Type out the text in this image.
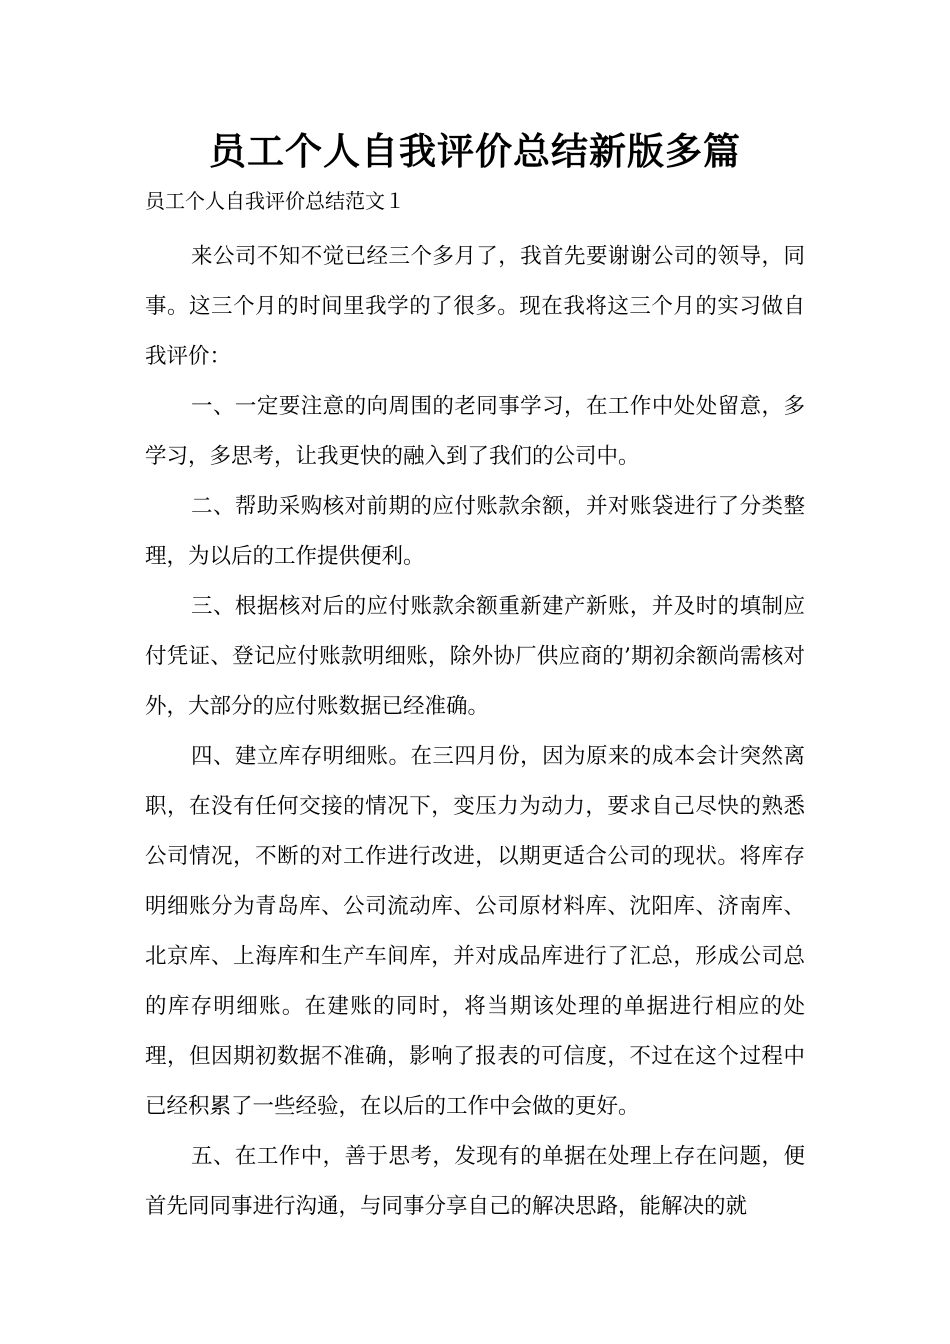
员工个人自我评价总结新版多篇

员工个人自我评价总结范文１

来公司不知不觉已经三个多月了，我首先要谢谢公司的领导，同事。这三个月的时间里我学的了很多。现在我将这三个月的实习做自我评价：

一、一定要注意的向周围的老同事学习，在工作中处处留意，多学习，多思考，让我更快的融入到了我们的公司中。

二、帮助采购核对前期的应付账款余额，并对账袋进行了分类整理，为以后的工作提供便利。

三、根据核对后的应付账款余额重新建产新账，并及时的填制应付凭证、登记应付账款明细账，除外协厂供应商的’期初余额尚需核对外，大部分的应付账数据已经准确。

四、建立库存明细账。在三四月份，因为原来的成本会计突然离职，在没有任何交接的情况下，变压力为动力，要求自己尽快的熟悉公司情况，不断的对工作进行改进，以期更适合公司的现状。将库存明细账分为青岛库、公司流动库、公司原材料库、沈阳库、济南库、北京库、上海库和生产车间库，并对成品库进行了汇总，形成公司总的库存明细账。在建账的同时，将当期该处理的单据进行相应的处理，但因期初数据不准确，影响了报表的可信度，不过在这个过程中已经积累了一些经验，在以后的工作中会做的更好。

五、在工作中，善于思考，发现有的单据在处理上存在问题，便首先同同事进行沟通，与同事分享自己的解决思路，能解决的就
